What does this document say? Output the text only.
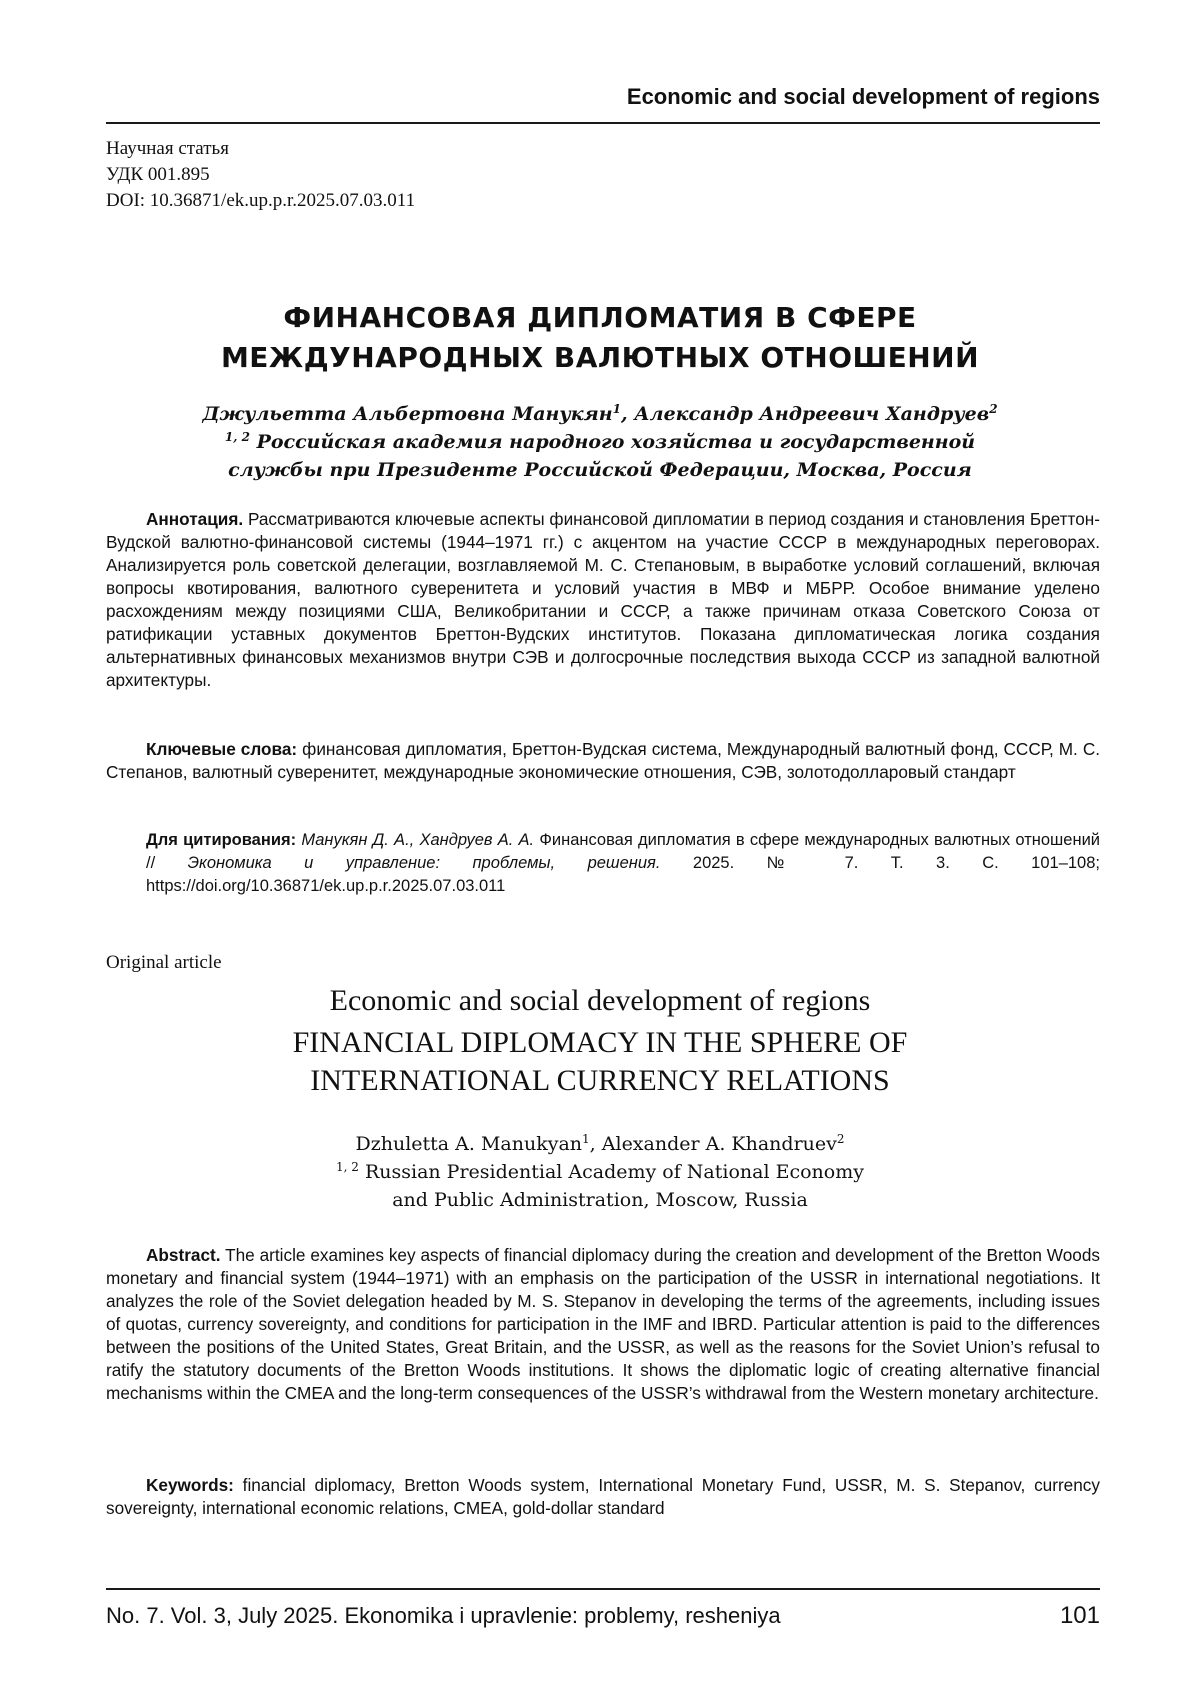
Economic and social development of regions
Научная статья
УДК 001.895
DOI: 10.36871/ek.up.p.r.2025.07.03.011
ФИНАНСОВАЯ ДИПЛОМАТИЯ В СФЕРЕ
МЕЖДУНАРОДНЫХ ВАЛЮТНЫХ ОТНОШЕНИЙ
Джульетта Альбертовна Манукян$^1$, Александр Андреевич Хандруев$^2$
$^{1, 2}$ Российская академия народного хозяйства и государственной
службы при Президенте Российской Федерации, Москва, Россия

Аннотация. Рассматриваются ключевые аспекты финансовой дипломатии в период создания и становления Бреттон-Вудской валютно-финансовой системы (1944–1971 гг.) с акцентом на участие СССР в международных переговорах. Анализируется роль советской делегации, возглавляемой М. С. Степановым, в выработке условий соглашений, включая вопросы квотирования, валютного суверенитета и условий участия в МВФ и МБРР. Особое внимание уделено расхождениям между позициями США, Великобритании и СССР, а также причинам отказа Советского Союза от ратификации уставных документов Бреттон-Вудских институтов. Показана дипломатическая логика создания альтернативных финансовых механизмов внутри СЭВ и долгосрочные последствия выхода СССР из западной валютной архитектуры.

Ключевые слова: финансовая дипломатия, Бреттон-Вудская система, Международный валютный фонд, СССР, М. С. Степанов, валютный суверенитет, международные экономические отношения, СЭВ, золотодолларовый стандарт

Для цитирования: Манукян Д. А., Хандруев А. А. Финансовая дипломатия в сфере международных валютных отношений // Экономика и управление: проблемы, решения. 2025. № 7. Т. 3. С. 101–108; https://doi.org/10.36871/ek.up.p.r.2025.07.03.011
Original article
Economic and social development of regions
FINANCIAL DIPLOMACY IN THE SPHERE OF
INTERNATIONAL CURRENCY RELATIONS
Dzhuletta A. Manukyan$^1$, Alexander A. Khandruev$^2$
$^{1, 2}$ Russian Presidential Academy of National Economy
and Public Administration, Moscow, Russia

Abstract. The article examines key aspects of financial diplomacy during the creation and development of the Bretton Woods monetary and financial system (1944–1971) with an emphasis on the participation of the USSR in international negotiations. It analyzes the role of the Soviet delegation headed by M. S. Stepanov in developing the terms of the agreements, including issues of quotas, currency sovereignty, and conditions for participation in the IMF and IBRD. Particular attention is paid to the differences between the positions of the United States, Great Britain, and the USSR, as well as the reasons for the Soviet Union’s refusal to ratify the statutory documents of the Bretton Woods institutions. It shows the diplomatic logic of creating alternative financial mechanisms within the CMEA and the long-term consequences of the USSR’s withdrawal from the Western monetary architecture.

Keywords: financial diplomacy, Bretton Woods system, International Monetary Fund, USSR, M. S. Stepanov, currency sovereignty, international economic relations, CMEA, gold-dollar standard

No. 7. Vol. 3, July 2025. Ekonomika i upravlenie: problemy, resheniya	101
